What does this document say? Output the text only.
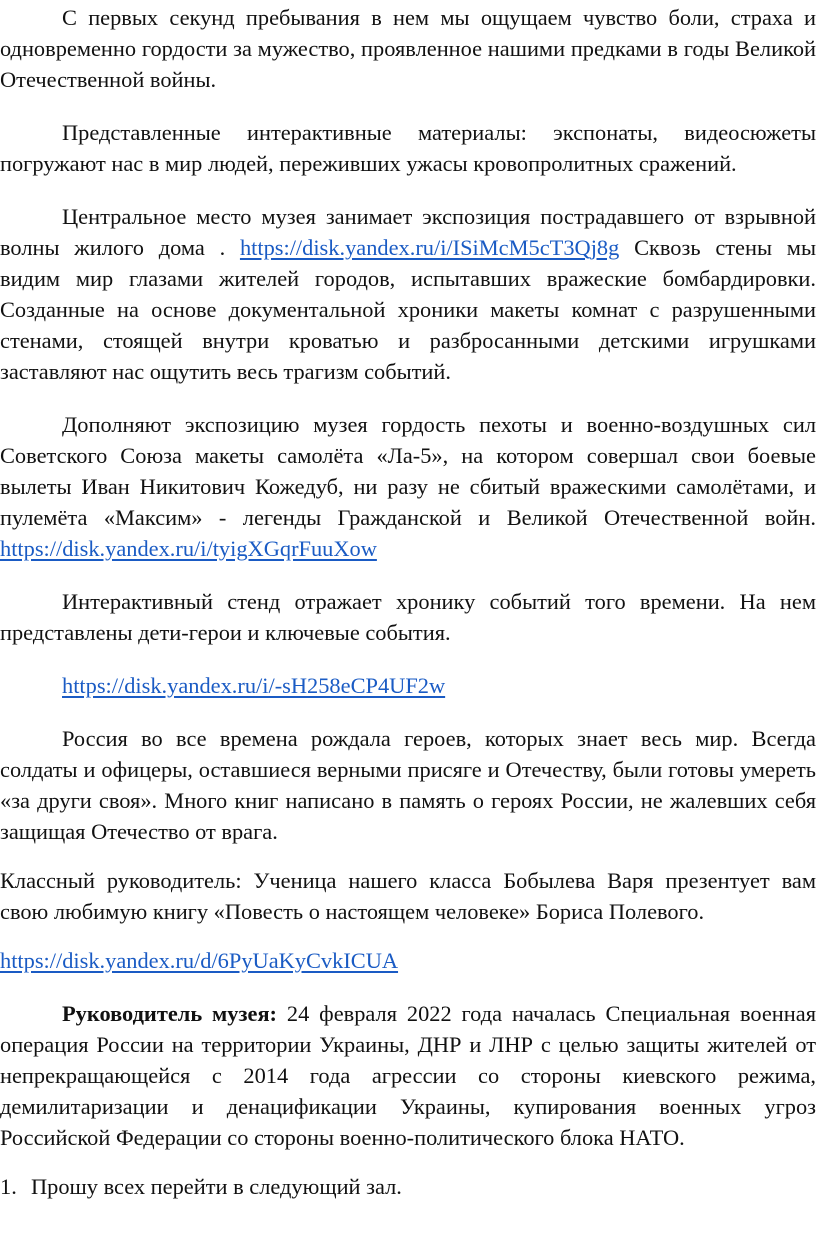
С первых секунд пребывания в нем мы ощущаем чувство боли, страха и одновременно гордости за мужество, проявленное нашими предками в годы Великой Отечественной войны.

Представленные интерактивные материалы: экспонаты, видеосюжеты погружают нас в мир людей, переживших ужасы кровопролитных сражений.

Центральное место музея занимает экспозиция пострадавшего от взрывной волны жилого дома . https://disk.yandex.ru/i/ISiMcM5cT3Qj8g Сквозь стены мы видим мир глазами жителей городов, испытавших вражеские бомбардировки. Созданные на основе документальной хроники макеты комнат с разрушенными стенами, стоящей внутри кроватью и разбросанными детскими игрушками заставляют нас ощутить весь трагизм событий.

Дополняют экспозицию музея гордость пехоты и военно-воздушных сил Советского Союза макеты самолёта «Ла-5», на котором совершал свои боевые вылеты Иван Никитович Кожедуб, ни разу не сбитый вражескими самолётами, и пулемёта «Максим» - легенды Гражданской и Великой Отечественной войн. https://disk.yandex.ru/i/tyigXGqrFuuXow

Интерактивный стенд отражает хронику событий того времени. На нем представлены дети-герои и ключевые события.

https://disk.yandex.ru/i/-sH258eCP4UF2w

Россия во все времена рождала героев, которых знает весь мир. Всегда солдаты и офицеры, оставшиеся верными присяге и Отечеству, были готовы умереть «за други своя». Много книг написано в память о героях России, не жалевших себя защищая Отечество от врага.

Классный руководитель: Ученица нашего класса Бобылева Варя презентует вам свою любимую книгу «Повесть о настоящем человеке» Бориса Полевого.

https://disk.yandex.ru/d/6PyUaKyCvkICUA

Руководитель музея: 24 февраля 2022 года началась Специальная военная операция России на территории Украины, ДНР и ЛНР с целью защиты жителей от непрекращающейся с 2014 года агрессии со стороны киевского режима, демилитаризации и денацификации Украины, купирования военных угроз Российской Федерации со стороны военно-политического блока НАТО.

1. Прошу всех перейти в следующий зал.
